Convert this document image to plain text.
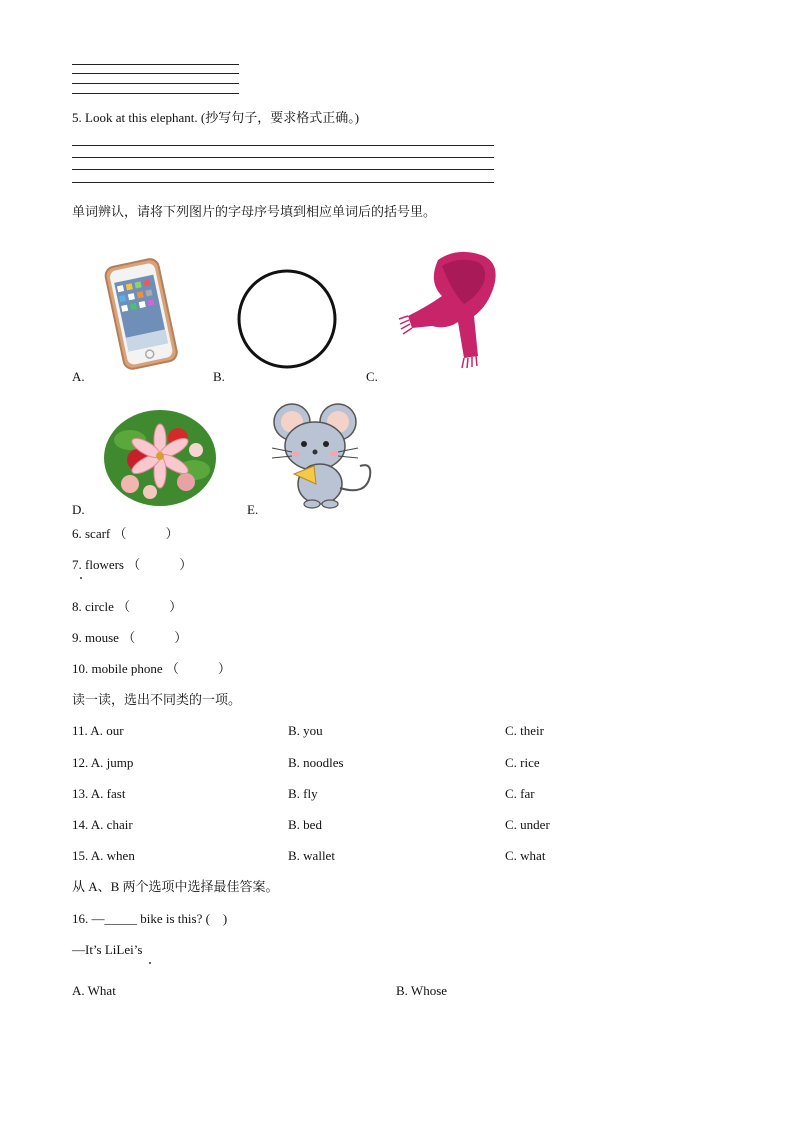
5. Look at this elephant. (抄写句子，要求格式正确。)
单词辨认，请将下列图片的字母序号填到相应单词后的括号里。
A.	B.	C.
D.	E.
6. scarf （　　　）
7. flowers （　　　）
8. circle （　　　）
9. mouse （　　　）
10. mobile phone （　　　）
读一读，选出不同类的一项。
11. A. our	B. you	C. their
12. A. jump	B. noodles	C. rice
13. A. fast	B. fly	C. far
14. A. chair	B. bed	C. under
15. A. when	B. wallet	C. what
从 A、B 两个选项中选择最佳答案。
16. —_____ bike is this? (　)
—It’s LiLei’s
A. What	B. Whose
